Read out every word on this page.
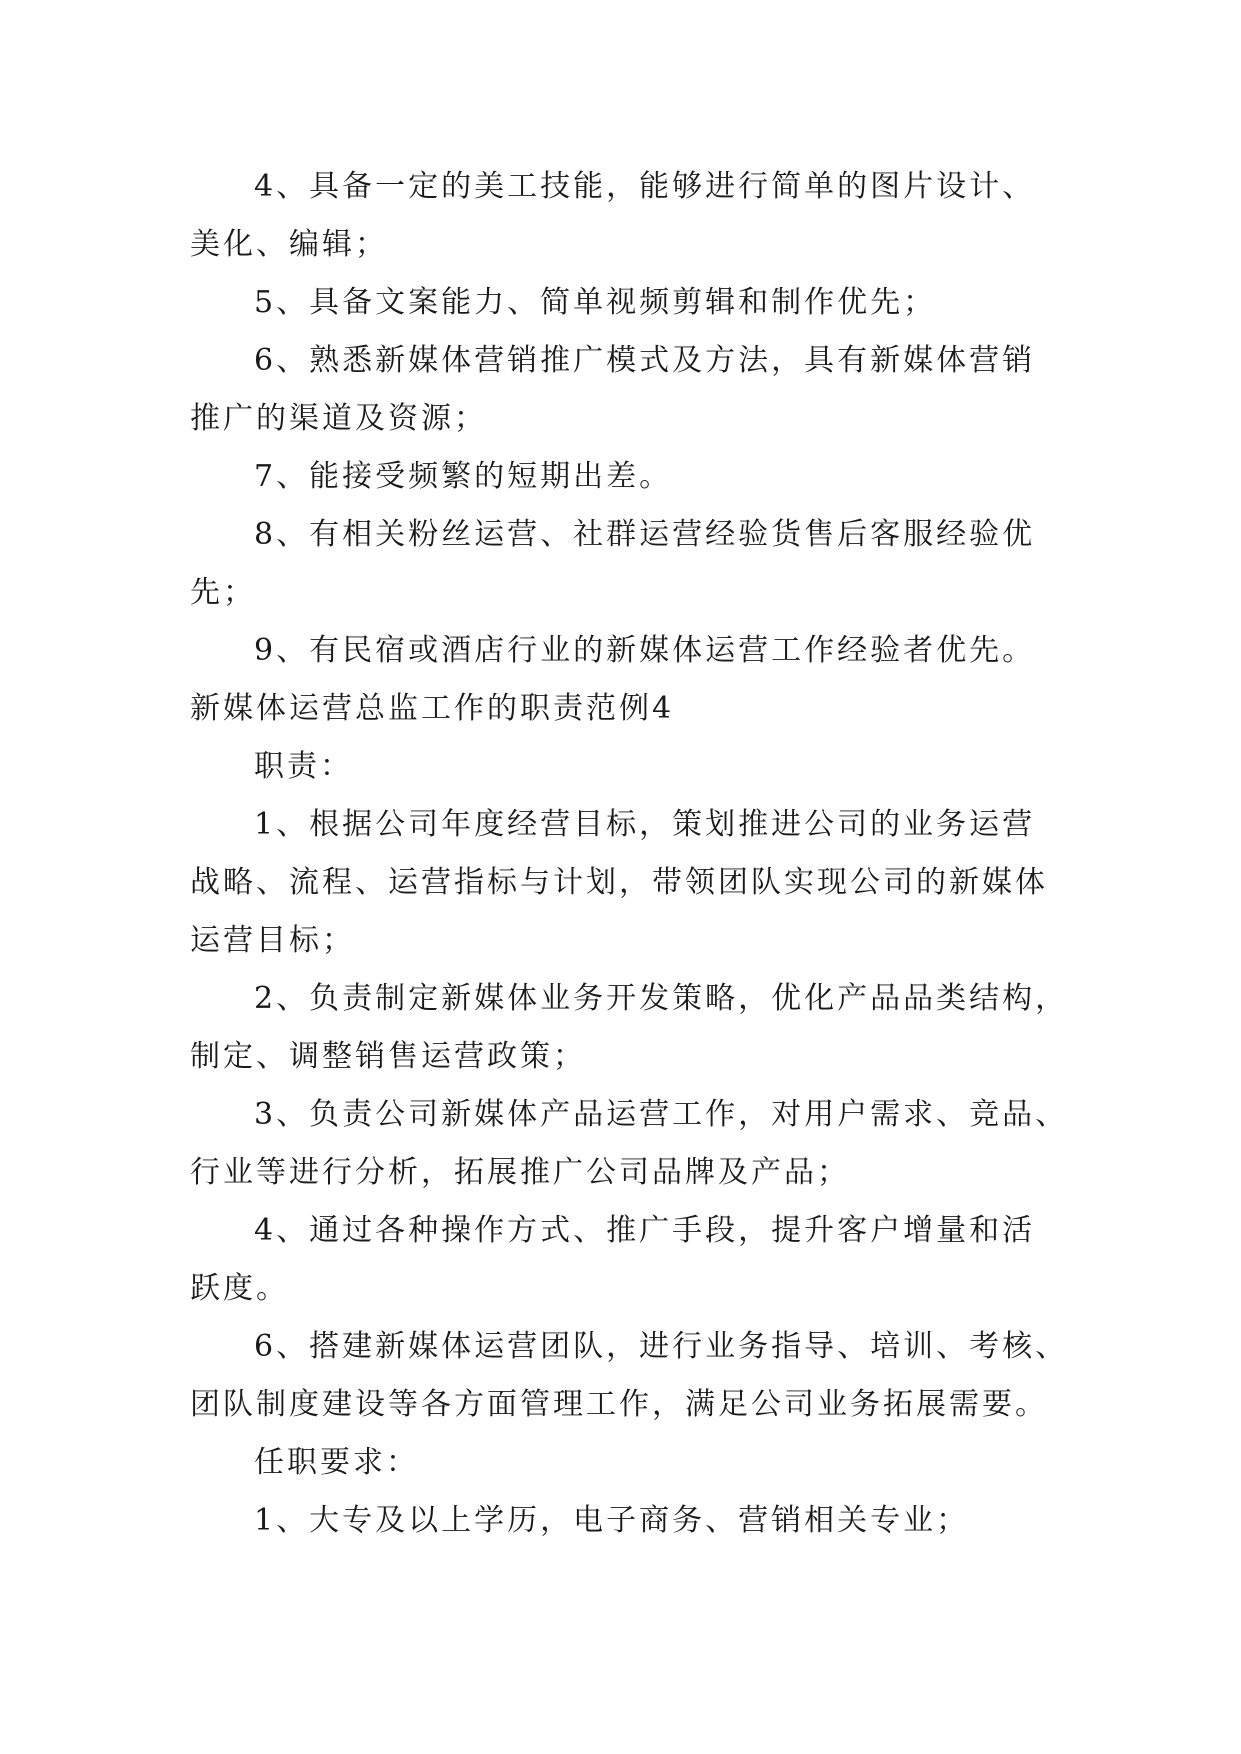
4、具备一定的美工技能，能够进行简单的图片设计、

美化、编辑；

5、具备文案能力、简单视频剪辑和制作优先；

6、熟悉新媒体营销推广模式及方法，具有新媒体营销

推广的渠道及资源；

7、能接受频繁的短期出差。

8、有相关粉丝运营、社群运营经验货售后客服经验优

先；

9、有民宿或酒店行业的新媒体运营工作经验者优先。

新媒体运营总监工作的职责范例4

职责：

1、根据公司年度经营目标，策划推进公司的业务运营

战略、流程、运营指标与计划，带领团队实现公司的新媒体

运营目标；

2、负责制定新媒体业务开发策略，优化产品品类结构，

制定、调整销售运营政策；

3、负责公司新媒体产品运营工作，对用户需求、竞品、

行业等进行分析，拓展推广公司品牌及产品；

4、通过各种操作方式、推广手段，提升客户增量和活

跃度。

6、搭建新媒体运营团队，进行业务指导、培训、考核、

团队制度建设等各方面管理工作，满足公司业务拓展需要。

任职要求：

1、大专及以上学历，电子商务、营销相关专业；
